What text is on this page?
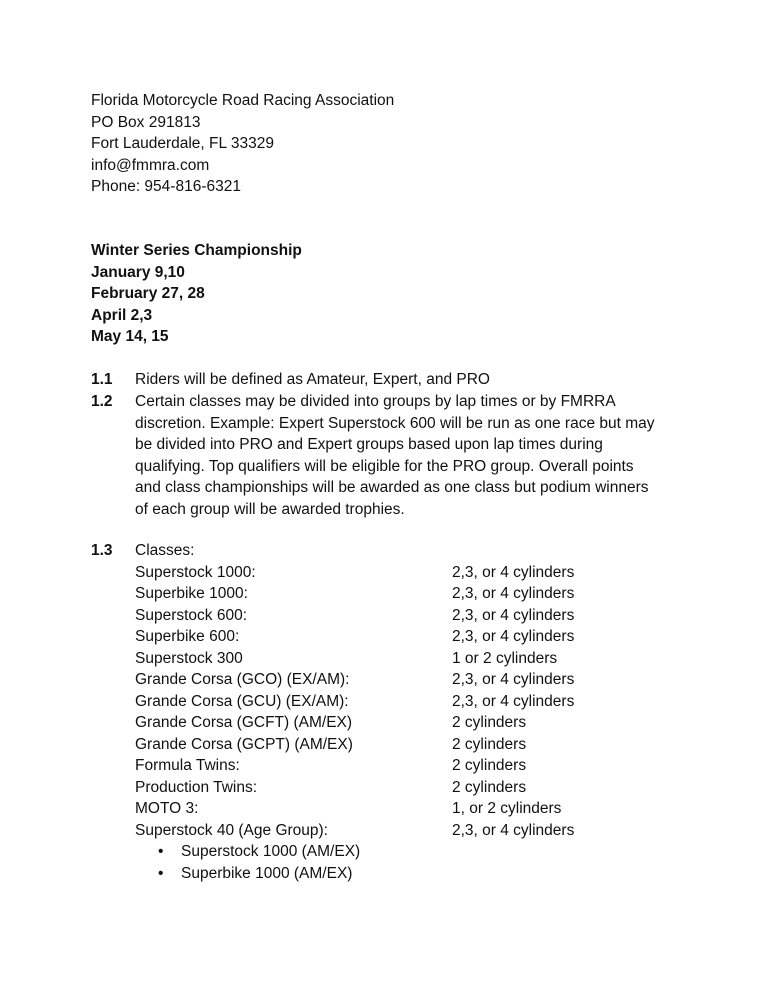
Florida Motorcycle Road Racing Association
PO Box 291813
Fort Lauderdale, FL 33329
info@fmmra.com
Phone: 954-816-6321
Winter Series Championship
January 9,10
February 27, 28
April 2,3
May 14, 15
1.1 Riders will be defined as Amateur, Expert, and PRO
1.2 Certain classes may be divided into groups by lap times or by FMRRA
discretion. Example: Expert Superstock 600 will be run as one race but may
be divided into PRO and Expert groups based upon lap times during
qualifying. Top qualifiers will be eligible for the PRO group. Overall points
and class championships will be awarded as one class but podium winners
of each group will be awarded trophies.
1.3 Classes:
Superstock 1000:	2,3, or 4 cylinders
Superbike 1000:	2,3, or 4 cylinders
Superstock 600:	2,3, or 4 cylinders
Superbike 600:	2,3, or 4 cylinders
Superstock 300	1 or 2 cylinders
Grande Corsa (GCO) (EX/AM):	2,3, or 4 cylinders
Grande Corsa (GCU) (EX/AM):	2,3, or 4 cylinders
Grande Corsa (GCFT) (AM/EX)	2 cylinders
Grande Corsa (GCPT) (AM/EX)	2 cylinders
Formula Twins:	2 cylinders
Production Twins:	2 cylinders
MOTO 3:	1, or 2 cylinders
Superstock 40 (Age Group):	2,3, or 4 cylinders
• Superstock 1000 (AM/EX)
• Superbike 1000 (AM/EX)
